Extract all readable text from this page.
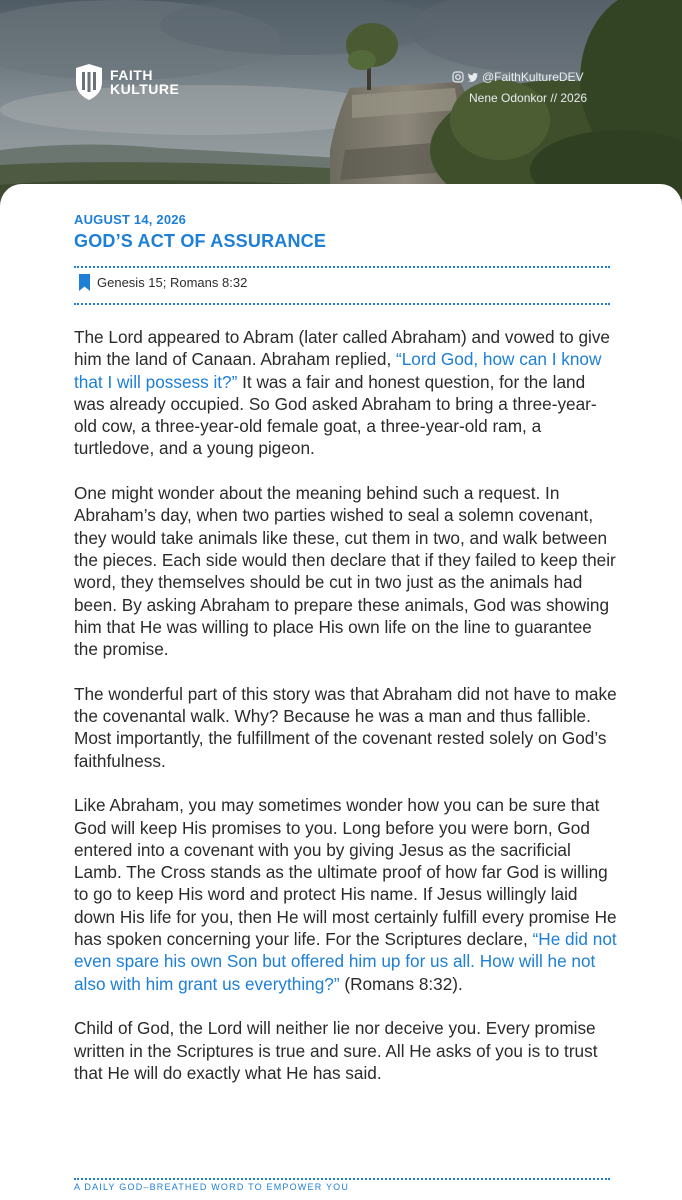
FAITH
KULTURE
@FaithKultureDEV
Nene Odonkor // 2026
AUGUST 14, 2026
GOD’S ACT OF ASSURANCE
Genesis 15; Romans 8:32

The Lord appeared to Abram (later called Abraham) and vowed to give him the land of Canaan. Abraham replied, “Lord God, how can I know that I will possess it?” It was a fair and honest question, for the land was already occupied. So God asked Abraham to bring a three-year-old cow, a three-year-old female goat, a three-year-old ram, a turtledove, and a young pigeon.

One might wonder about the meaning behind such a request. In Abraham’s day, when two parties wished to seal a solemn covenant, they would take animals like these, cut them in two, and walk between the pieces. Each side would then declare that if they failed to keep their word, they themselves should be cut in two just as the animals had been. By asking Abraham to prepare these animals, God was showing him that He was willing to place His own life on the line to guarantee the promise.

The wonderful part of this story was that Abraham did not have to make the covenantal walk. Why? Because he was a man and thus fallible. Most importantly, the fulfillment of the covenant rested solely on God’s faithfulness.

Like Abraham, you may sometimes wonder how you can be sure that God will keep His promises to you. Long before you were born, God entered into a covenant with you by giving Jesus as the sacrificial Lamb. The Cross stands as the ultimate proof of how far God is willing to go to keep His word and protect His name. If Jesus willingly laid down His life for you, then He will most certainly fulfill every promise He has spoken concerning your life. For the Scriptures declare, “He did not even spare his own Son but offered him up for us all. How will he not also with him grant us everything?” (Romans 8:32).

Child of God, the Lord will neither lie nor deceive you. Every promise written in the Scriptures is true and sure. All He asks of you is to trust that He will do exactly what He has said.

A DAILY GOD–BREATHED WORD TO EMPOWER YOU
